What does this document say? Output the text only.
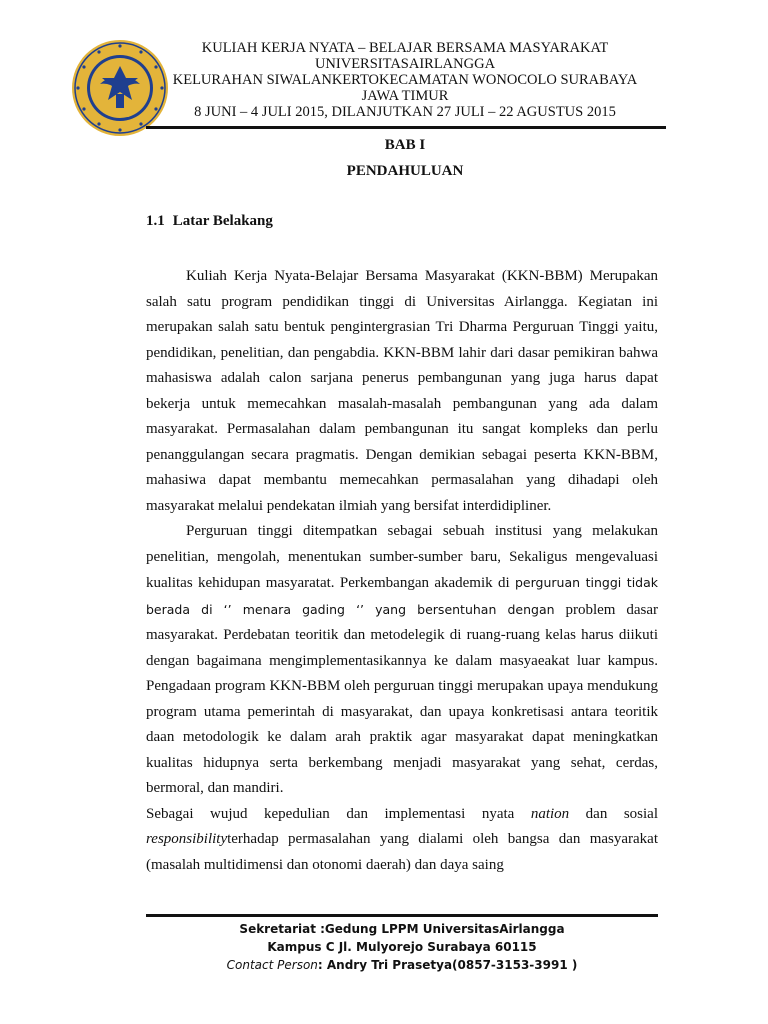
KULIAH KERJA NYATA – BELAJAR BERSAMA MASYARAKAT
UNIVERSITASAIRLANGGA
KELURAHAN SIWALANKERTOKECAMATAN WONOCOLO SURABAYA
JAWA TIMUR
8 JUNI – 4 JULI 2015, DILANJUTKAN 27 JULI – 22 AGUSTUS 2015
BAB I
PENDAHULUAN
1.1 Latar Belakang

Kuliah Kerja Nyata-Belajar Bersama Masyarakat (KKN-BBM) Merupakan salah satu program pendidikan tinggi di Universitas Airlangga. Kegiatan ini merupakan salah satu bentuk pengintergrasian Tri Dharma Perguruan Tinggi yaitu, pendidikan, penelitian, dan pengabdia. KKN-BBM lahir dari dasar pemikiran bahwa mahasiswa adalah calon sarjana penerus pembangunan yang juga harus dapat bekerja untuk memecahkan masalah-masalah pembangunan yang ada dalam masyarakat. Permasalahan dalam pembangunan itu sangat kompleks dan perlu penanggulangan secara pragmatis. Dengan demikian sebagai peserta KKN-BBM, mahasiwa dapat membantu memecahkan permasalahan yang dihadapi oleh masyarakat melalui pendekatan ilmiah yang bersifat interdidipliner.

Perguruan tinggi ditempatkan sebagai sebuah institusi yang melakukan penelitian, mengolah, menentukan sumber-sumber baru, Sekaligus mengevaluasi kualitas kehidupan masyaratat. Perkembangan akademik di perguruan tinggi tidak berada di ‘’ menara gading ‘’ yang bersentuhan dengan problem dasar masyarakat. Perdebatan teoritik dan metodelegik di ruang-ruang kelas harus diikuti dengan bagaimana mengimplementasikannya ke dalam masyaeakat luar kampus. Pengadaan program KKN-BBM oleh perguruan tinggi merupakan upaya mendukung program utama pemerintah di masyarakat, dan upaya konkretisasi antara teoritik daan metodologik ke dalam arah praktik agar masyarakat dapat meningkatkan kualitas hidupnya serta berkembang menjadi masyarakat yang sehat, cerdas, bermoral, dan mandiri.

Sebagai wujud kepedulian dan implementasi nyata nation dan sosial responsibilityterhadap permasalahan yang dialami oleh bangsa dan masyarakat (masalah multidimensi dan otonomi daerah) dan daya saing

Sekretariat :Gedung LPPM UniversitasAirlangga
Kampus C Jl. Mulyorejo Surabaya 60115
Contact Person: Andry Tri Prasetya(0857-3153-3991 )
